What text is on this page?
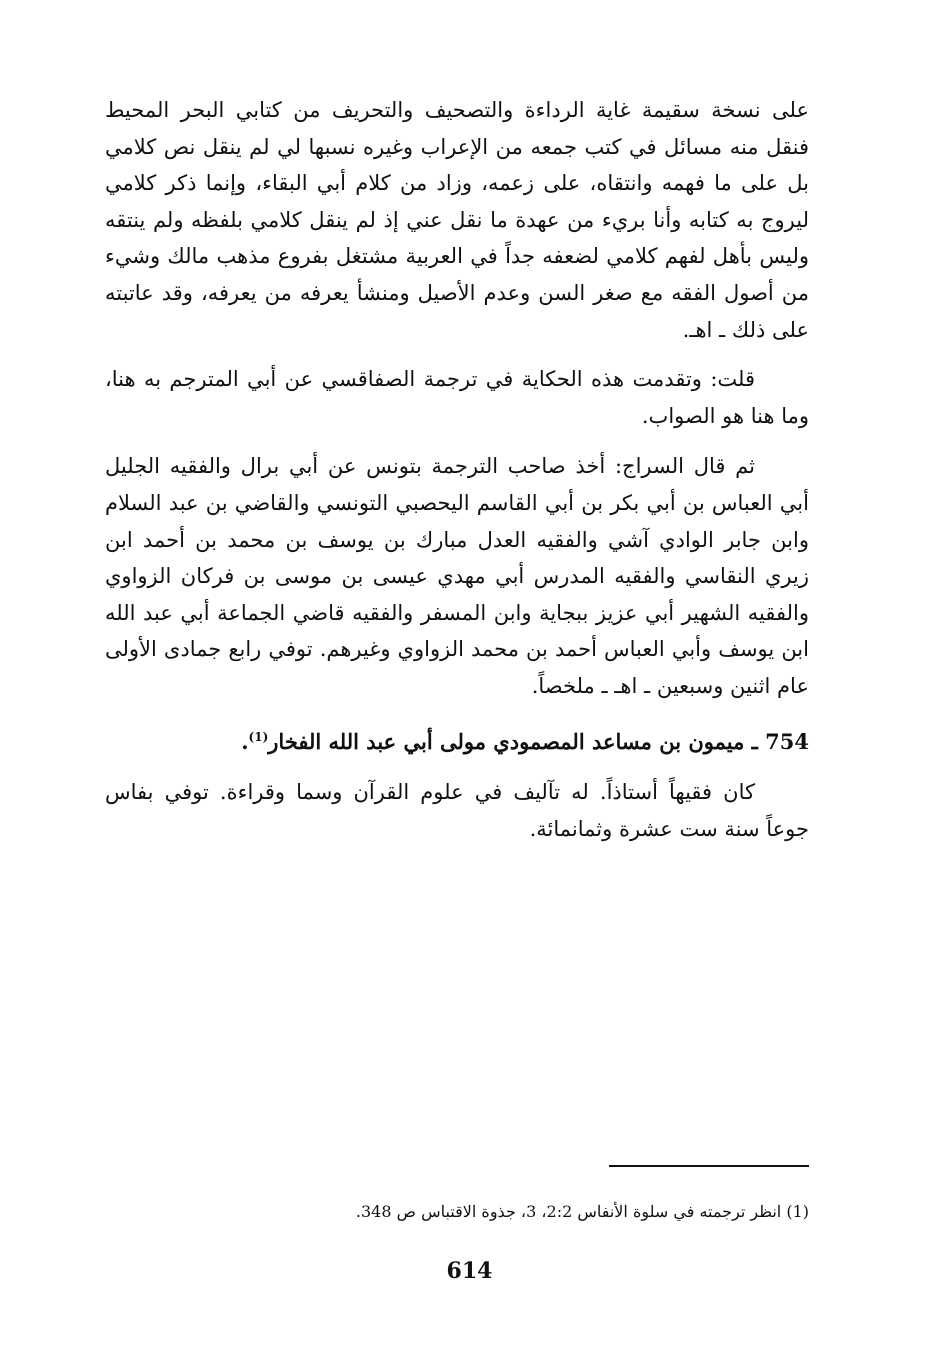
على نسخة سقيمة غاية الرداءة والتصحيف والتحريف من كتابي البحر المحيط فنقل منه مسائل في كتب جمعه من الإعراب وغيره نسبها لي لم ينقل نص كلامي بل على ما فهمه وانتقاه، على زعمه، وزاد من كلام أبي البقاء، وإنما ذكر كلامي ليروج به كتابه وأنا بريء من عهدة ما نقل عني إذ لم ينقل كلامي بلفظه ولم ينتقه وليس بأهل لفهم كلامي لضعفه جداً في العربية مشتغل بفروع مذهب مالك وشيء من أصول الفقه مع صغر السن وعدم الأصيل ومنشأ يعرفه من يعرفه، وقد عاتبته على ذلك ـ اهـ.

قلت: وتقدمت هذه الحكاية في ترجمة الصفاقسي عن أبي المترجم به هنا، وما هنا هو الصواب.

ثم قال السراج: أخذ صاحب الترجمة بتونس عن أبي برال والفقيه الجليل أبي العباس بن أبي بكر بن أبي القاسم اليحصبي التونسي والقاضي بن عبد السلام وابن جابر الوادي آشي والفقيه العدل مبارك بن يوسف بن محمد بن أحمد ابن زيري النقاسي والفقيه المدرس أبي مهدي عيسى بن موسى بن فركان الزواوي والفقيه الشهير أبي عزيز ببجاية وابن المسفر والفقيه قاضي الجماعة أبي عبد الله ابن يوسف وأبي العباس أحمد بن محمد الزواوي وغيرهم. توفي رابع جمادى الأولى عام اثنين وسبعين ـ اهـ ـ ملخصاً.

754 ـ ميمون بن مساعد المصمودي مولى أبي عبد الله الفخار$^{(1)}$.

كان فقيهاً أستاذاً. له تآليف في علوم القرآن وسما وقراءة. توفي بفاس جوعاً سنة ست عشرة وثمانمائة.

(1) انظر ترجمته في سلوة الأنفاس 2:2، 3، جذوة الاقتباس ص 348.

614
